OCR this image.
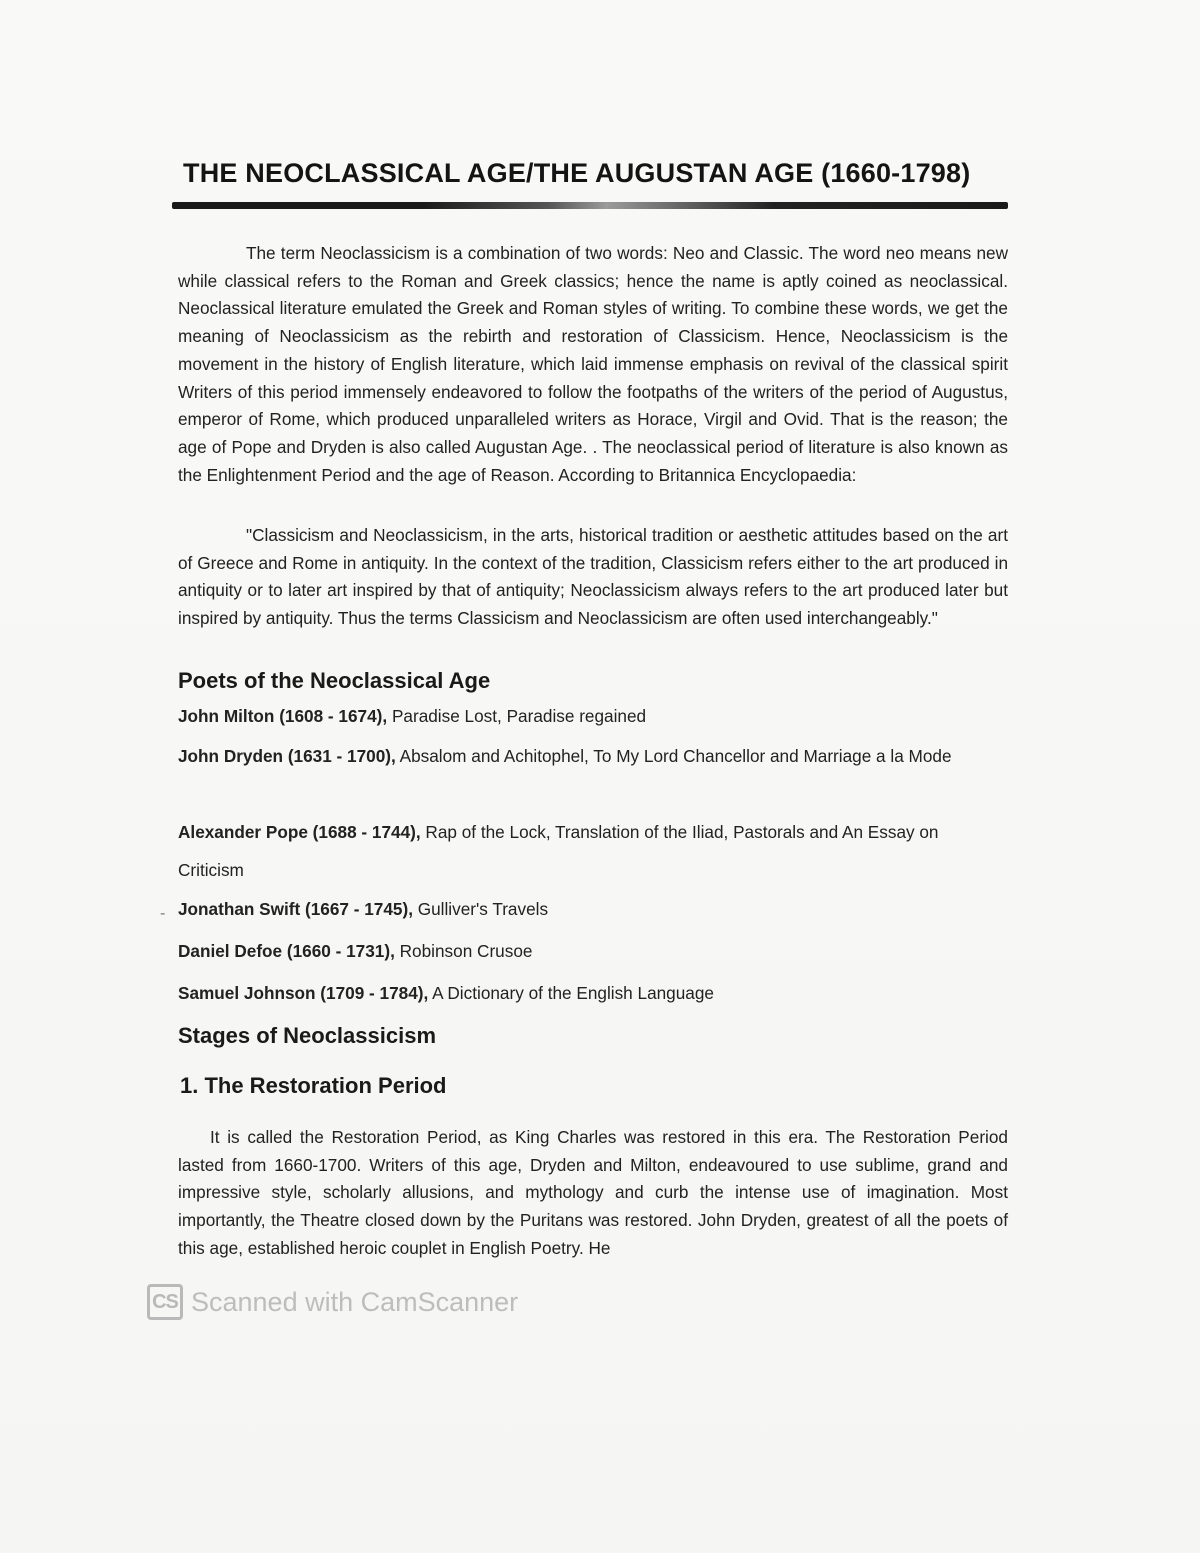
THE NEOCLASSICAL AGE/THE AUGUSTAN AGE (1660-1798)

The term Neoclassicism is a combination of two words: Neo and Classic. The word neo means new while classical refers to the Roman and Greek classics; hence the name is aptly coined as neoclassical. Neoclassical literature emulated the Greek and Roman styles of writing. To combine these words, we get the meaning of Neoclassicism as the rebirth and restoration of Classicism. Hence, Neoclassicism is the movement in the history of English literature, which laid immense emphasis on revival of the classical spirit Writers of this period immensely endeavored to follow the footpaths of the writers of the period of Augustus, emperor of Rome, which produced unparalleled writers as Horace, Virgil and Ovid. That is the reason; the age of Pope and Dryden is also called Augustan Age. . The neoclassical period of literature is also known as the Enlightenment Period and the age of Reason. According to Britannica Encyclopaedia:

"Classicism and Neoclassicism, in the arts, historical tradition or aesthetic attitudes based on the art of Greece and Rome in antiquity. In the context of the tradition, Classicism refers either to the art produced in antiquity or to later art inspired by that of antiquity; Neoclassicism always refers to the art produced later but inspired by antiquity. Thus the terms Classicism and Neoclassicism are often used interchangeably."

Poets of the Neoclassical Age

John Milton (1608 - 1674), Paradise Lost, Paradise regained

John Dryden (1631 - 1700), Absalom and Achitophel, To My Lord Chancellor and Marriage a la Mode

Alexander Pope (1688 - 1744), Rap of the Lock, Translation of the Iliad, Pastorals and An Essay on Criticism

- Jonathan Swift (1667 - 1745), Gulliver's Travels

Daniel Defoe (1660 - 1731), Robinson Crusoe

Samuel Johnson (1709 - 1784), A Dictionary of the English Language

Stages of Neoclassicism
1. The Restoration Period

It is called the Restoration Period, as King Charles was restored in this era. The Restoration Period lasted from 1660-1700. Writers of this age, Dryden and Milton, endeavoured to use sublime, grand and impressive style, scholarly allusions, and mythology and curb the intense use of imagination. Most importantly, the Theatre closed down by the Puritans was restored. John Dryden, greatest of all the poets of this age, established heroic couplet in English Poetry. He

CS Scanned with CamScanner
